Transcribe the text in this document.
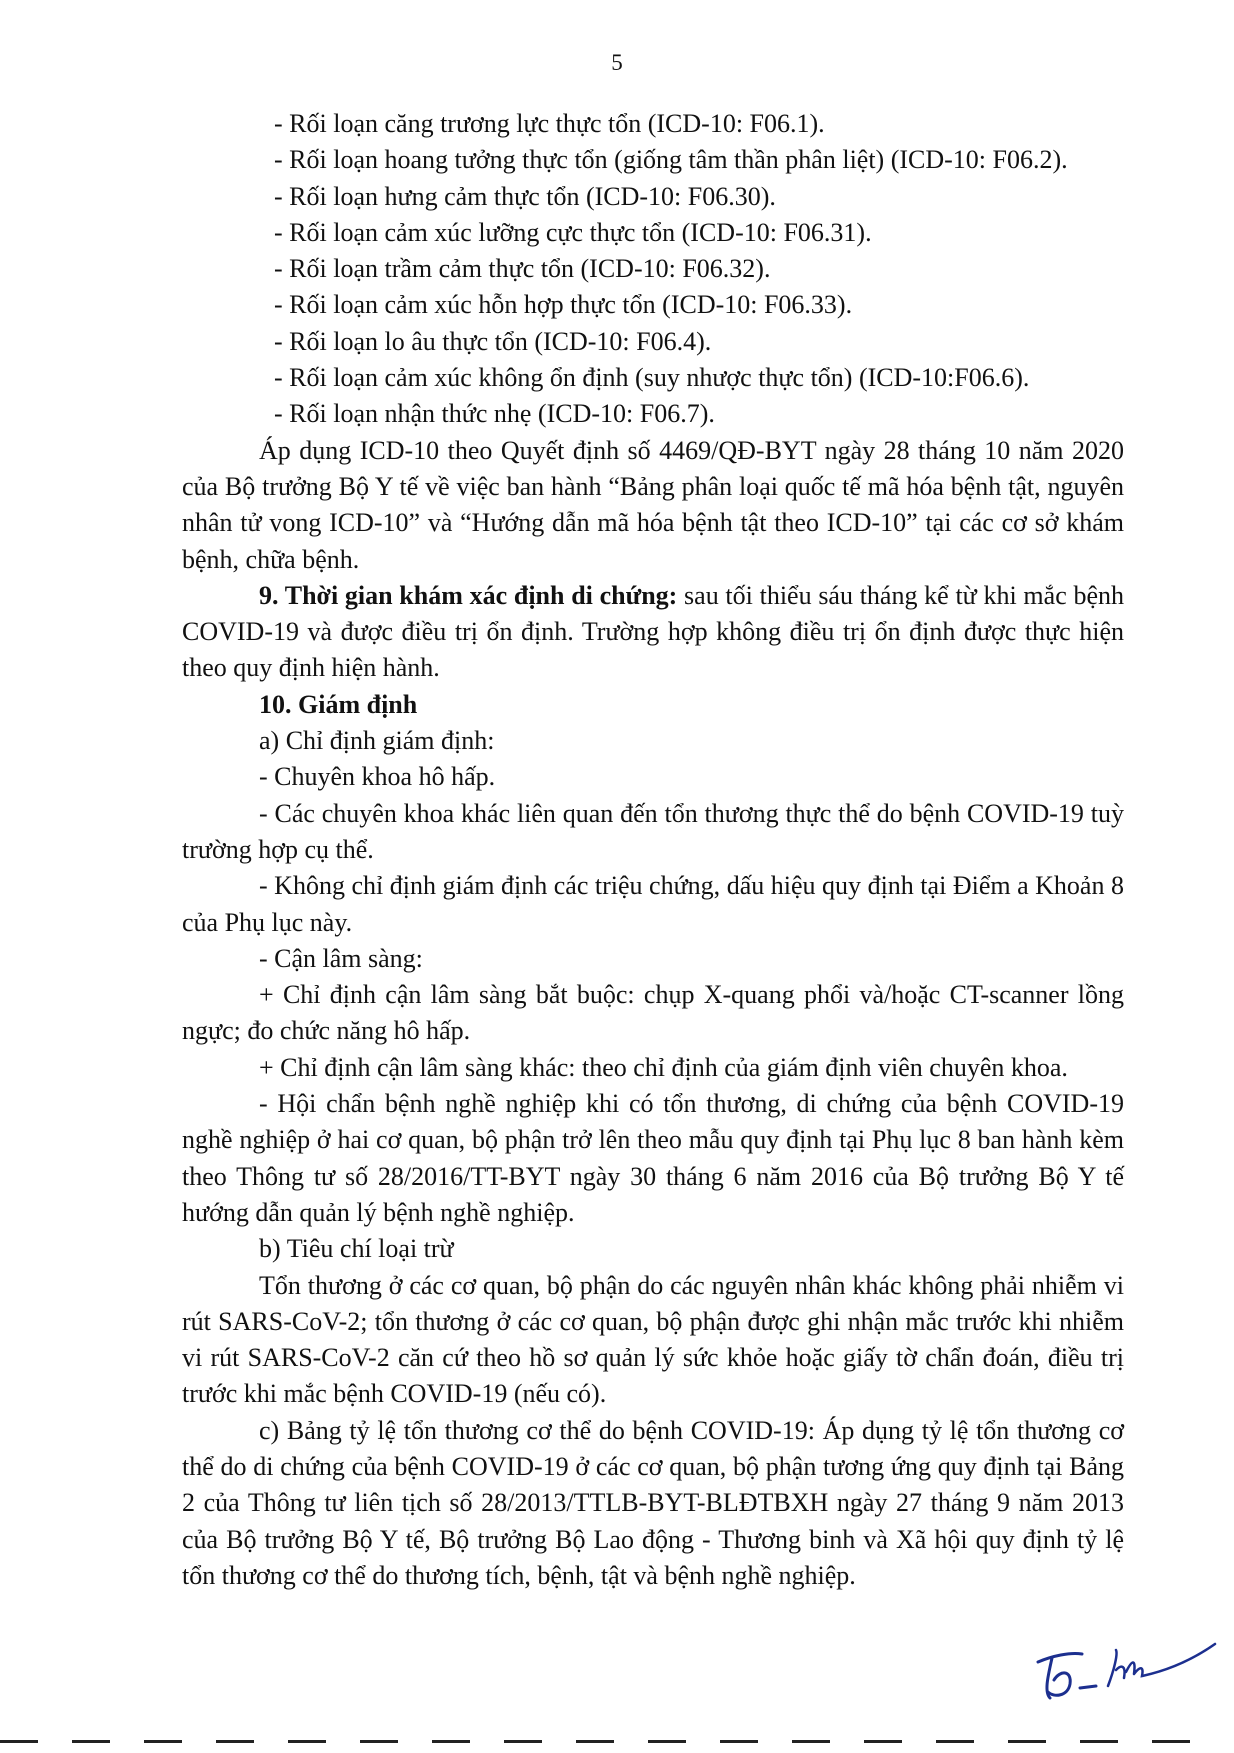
5

- Rối loạn căng trương lực thực tổn (ICD-10: F06.1).

- Rối loạn hoang tưởng thực tổn (giống tâm thần phân liệt) (ICD-10: F06.2).

- Rối loạn hưng cảm thực tổn (ICD-10: F06.30).

- Rối loạn cảm xúc lưỡng cực thực tổn (ICD-10: F06.31).

- Rối loạn trầm cảm thực tổn (ICD-10: F06.32).

- Rối loạn cảm xúc hỗn hợp thực tổn (ICD-10: F06.33).

- Rối loạn lo âu thực tổn (ICD-10: F06.4).

- Rối loạn cảm xúc không ổn định (suy nhược thực tổn) (ICD-10:F06.6).

- Rối loạn nhận thức nhẹ (ICD-10: F06.7).

Áp dụng ICD-10 theo Quyết định số 4469/QĐ-BYT ngày 28 tháng 10 năm 2020 của Bộ trưởng Bộ Y tế về việc ban hành “Bảng phân loại quốc tế mã hóa bệnh tật, nguyên nhân tử vong ICD-10” và “Hướng dẫn mã hóa bệnh tật theo ICD-10” tại các cơ sở khám bệnh, chữa bệnh.

9. Thời gian khám xác định di chứng: sau tối thiểu sáu tháng kể từ khi mắc bệnh COVID-19 và được điều trị ổn định. Trường hợp không điều trị ổn định được thực hiện theo quy định hiện hành.

10. Giám định

a) Chỉ định giám định:

- Chuyên khoa hô hấp.

- Các chuyên khoa khác liên quan đến tổn thương thực thể do bệnh COVID-19 tuỳ trường hợp cụ thể.

- Không chỉ định giám định các triệu chứng, dấu hiệu quy định tại Điểm a Khoản 8 của Phụ lục này.

- Cận lâm sàng:

+ Chỉ định cận lâm sàng bắt buộc: chụp X-quang phổi và/hoặc CT-scanner lồng ngực; đo chức năng hô hấp.

+ Chỉ định cận lâm sàng khác: theo chỉ định của giám định viên chuyên khoa.

- Hội chẩn bệnh nghề nghiệp khi có tổn thương, di chứng của bệnh COVID-19 nghề nghiệp ở hai cơ quan, bộ phận trở lên theo mẫu quy định tại Phụ lục 8 ban hành kèm theo Thông tư số 28/2016/TT-BYT ngày 30 tháng 6 năm 2016 của Bộ trưởng Bộ Y tế hướng dẫn quản lý bệnh nghề nghiệp.

b) Tiêu chí loại trừ

Tổn thương ở các cơ quan, bộ phận do các nguyên nhân khác không phải nhiễm vi rút SARS-CoV-2; tổn thương ở các cơ quan, bộ phận được ghi nhận mắc trước khi nhiễm vi rút SARS-CoV-2 căn cứ theo hồ sơ quản lý sức khỏe hoặc giấy tờ chẩn đoán, điều trị trước khi mắc bệnh COVID-19 (nếu có).

c) Bảng tỷ lệ tổn thương cơ thể do bệnh COVID-19: Áp dụng tỷ lệ tổn thương cơ thể do di chứng của bệnh COVID-19 ở các cơ quan, bộ phận tương ứng quy định tại Bảng 2 của Thông tư liên tịch số 28/2013/TTLB-BYT-BLĐTBXH ngày 27 tháng 9 năm 2013 của Bộ trưởng Bộ Y tế, Bộ trưởng Bộ Lao động - Thương binh và Xã hội quy định tỷ lệ tổn thương cơ thể do thương tích, bệnh, tật và bệnh nghề nghiệp.
